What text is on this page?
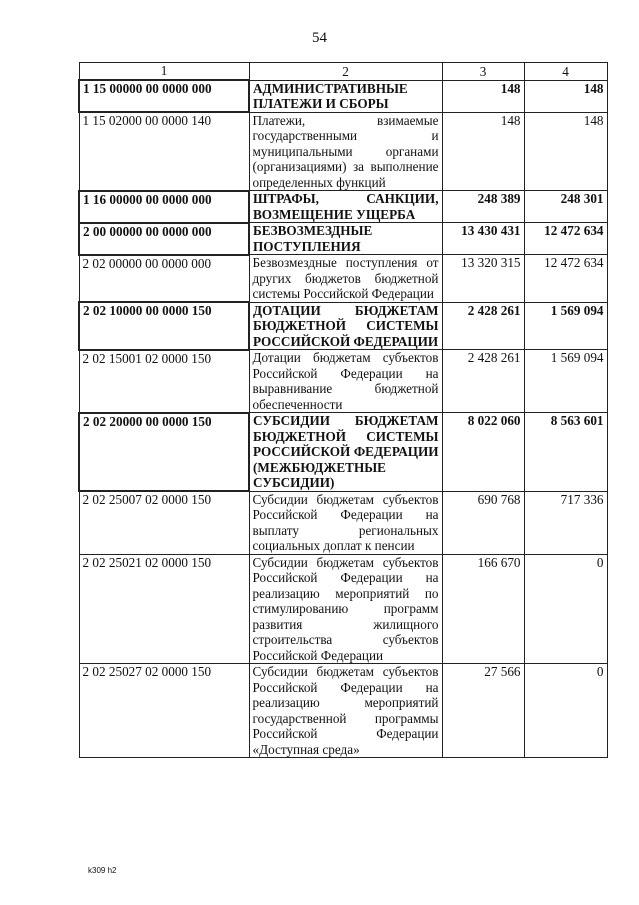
54
1	2	3	4
1 15 00000 00 0000 000	АДМИНИСТРАТИВНЫЕ ПЛАТЕЖИ И СБОРЫ	148	148
1 15 02000 00 0000 140	Платежи, взимаемые государственными и муниципальными органами (организациями) за выполнение определенных функций	148	148
1 16 00000 00 0000 000	ШТРАФЫ, САНКЦИИ, ВОЗМЕЩЕНИЕ УЩЕРБА	248 389	248 301
2 00 00000 00 0000 000	БЕЗВОЗМЕЗДНЫЕ ПОСТУПЛЕНИЯ	13 430 431	12 472 634
2 02 00000 00 0000 000	Безвозмездные поступления от других бюджетов бюджетной системы Российской Федерации	13 320 315	12 472 634
2 02 10000 00 0000 150	ДОТАЦИИ БЮДЖЕТАМ БЮДЖЕТНОЙ СИСТЕМЫ РОССИЙСКОЙ ФЕДЕРАЦИИ	2 428 261	1 569 094
2 02 15001 02 0000 150	Дотации бюджетам субъектов Российской Федерации на выравнивание бюджетной обеспеченности	2 428 261	1 569 094
2 02 20000 00 0000 150	СУБСИДИИ БЮДЖЕТАМ БЮДЖЕТНОЙ СИСТЕМЫ РОССИЙСКОЙ ФЕДЕРАЦИИ (МЕЖБЮДЖЕТНЫЕ СУБСИДИИ)	8 022 060	8 563 601
2 02 25007 02 0000 150	Субсидии бюджетам субъектов Российской Федерации на выплату региональных социальных доплат к пенсии	690 768	717 336
2 02 25021 02 0000 150	Субсидии бюджетам субъектов Российской Федерации на реализацию мероприятий по стимулированию программ развития жилищного строительства субъектов Российской Федерации	166 670	0
2 02 25027 02 0000 150	Субсидии бюджетам субъектов Российской Федерации на реализацию мероприятий государственной программы Российской Федерации «Доступная среда»	27 566	0
k309 h2
